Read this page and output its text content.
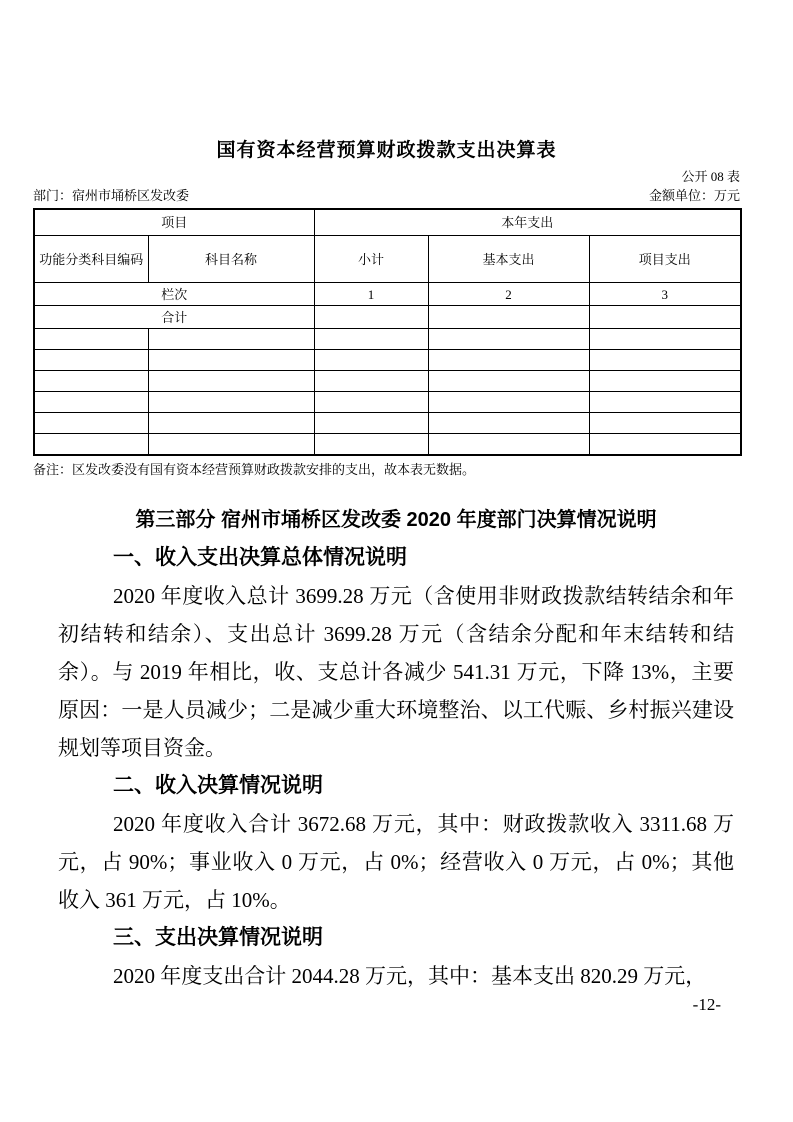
国有资本经营预算财政拨款支出决算表
公开 08 表
部门：宿州市埇桥区发改委	金额单位：万元
项目		本年支出		
功能分类科目编码	科目名称	小计	基本支出	项目支出
栏次		1	2	3
合计				

备注：区发改委没有国有资本经营预算财政拨款安排的支出，故本表无数据。
第三部分 宿州市埇桥区发改委 2020 年度部门决算情况说明
一、收入支出决算总体情况说明

2020 年度收入总计 3699.28 万元（含使用非财政拨款结转结余和年初结转和结余）、支出总计 3699.28 万元（含结余分配和年末结转和结余）。与 2019 年相比，收、支总计各减少 541.31 万元，下降 13%，主要原因：一是人员减少；二是减少重大环境整治、以工代赈、乡村振兴建设规划等项目资金。

二、收入决算情况说明

2020 年度收入合计 3672.68 万元，其中：财政拨款收入 3311.68 万元，占 90%；事业收入 0 万元，占 0%；经营收入 0 万元，占 0%；其他收入 361 万元，占 10%。

三、支出决算情况说明

2020 年度支出合计 2044.28 万元，其中：基本支出 820.29 万元，

-12-
